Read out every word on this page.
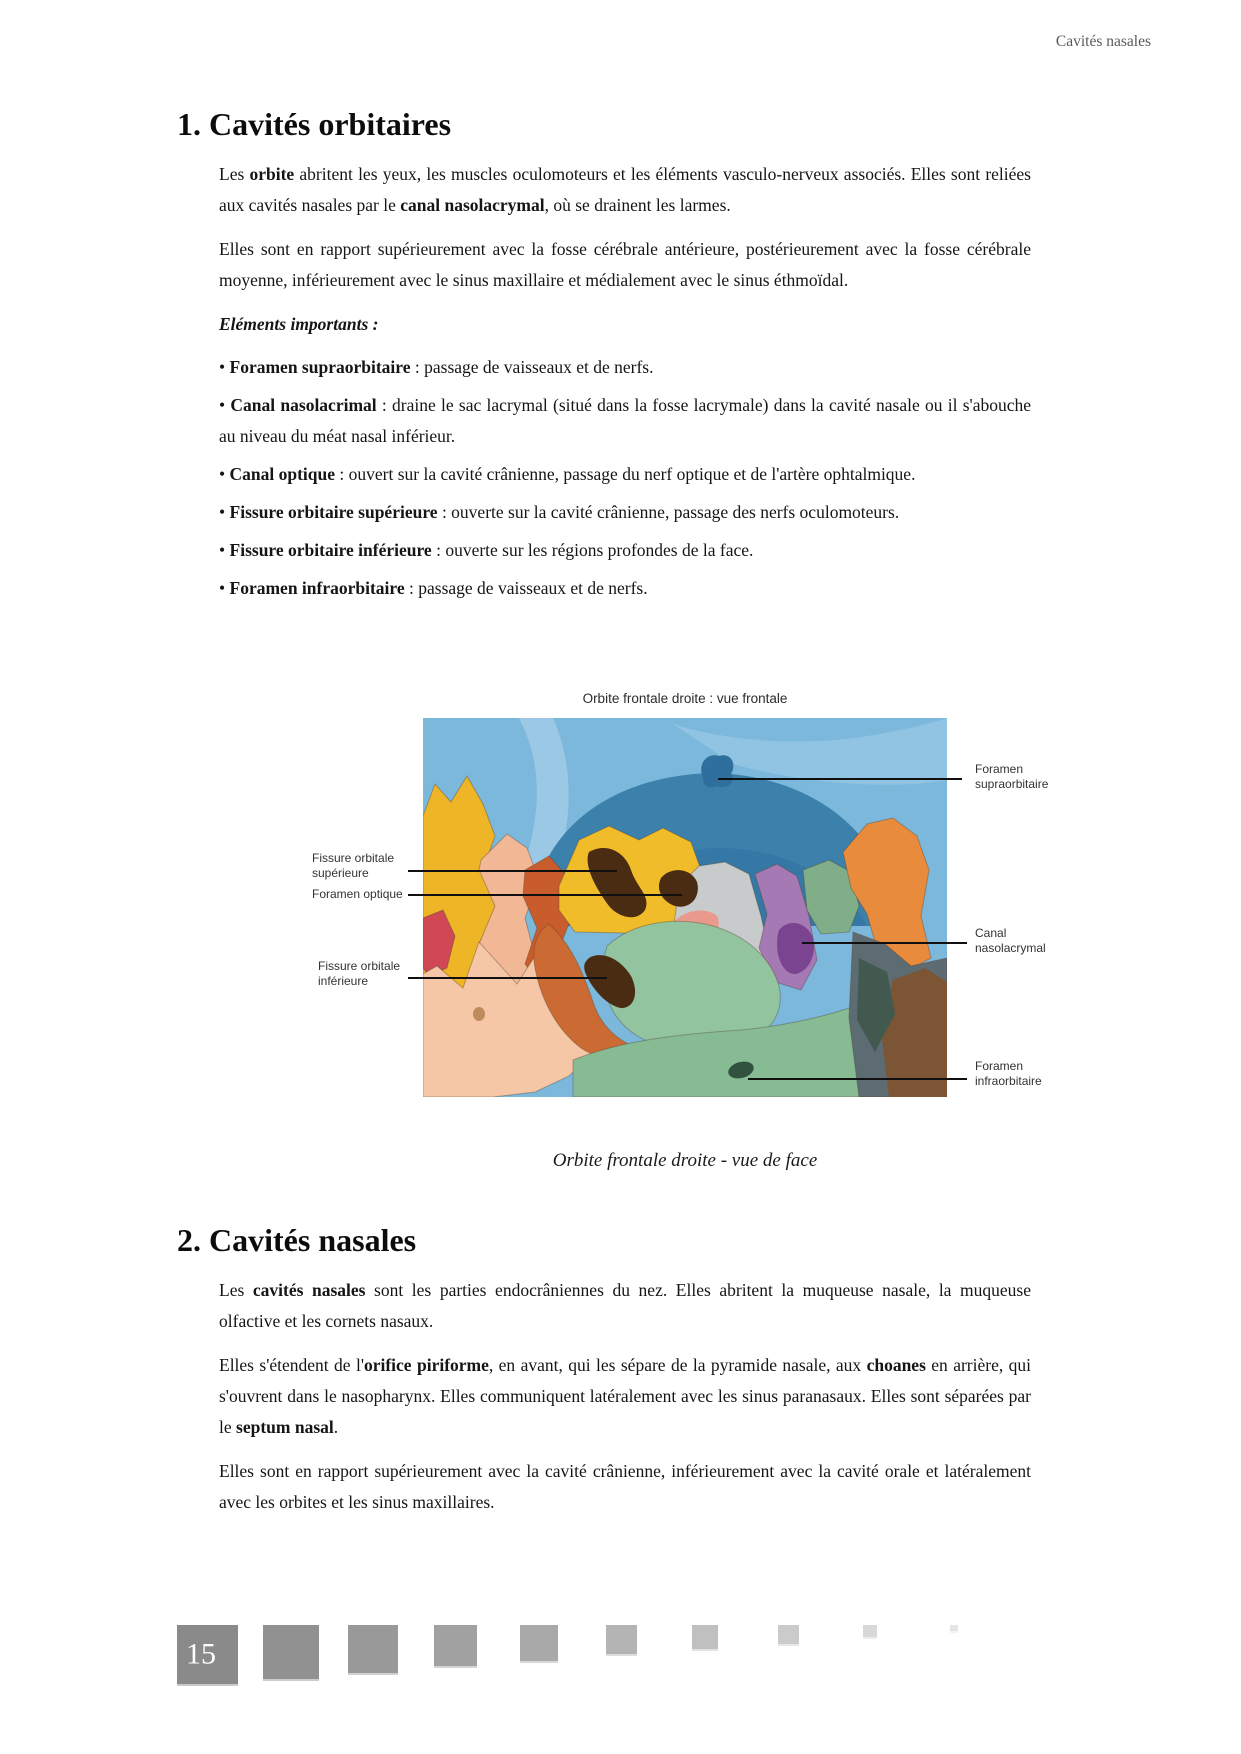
Cavités nasales
1. Cavités orbitaires

Les orbite abritent les yeux, les muscles oculomoteurs et les éléments vasculo-nerveux associés. Elles sont reliées aux cavités nasales par le canal nasolacrymal, où se drainent les larmes.

Elles sont en rapport supérieurement avec la fosse cérébrale antérieure, postérieurement avec la fosse cérébrale moyenne, inférieurement avec le sinus maxillaire et médialement avec le sinus éthmoïdal.

Eléments importants :

• Foramen supraorbitaire : passage de vaisseaux et de nerfs.

• Canal nasolacrimal : draine le sac lacrymal (situé dans la fosse lacrymale) dans la cavité nasale ou il s'abouche au niveau du méat nasal inférieur.

• Canal optique : ouvert sur la cavité crânienne, passage du nerf optique et de l'artère ophtalmique.

• Fissure orbitaire supérieure : ouverte sur la cavité crânienne, passage des nerfs oculomoteurs.

• Fissure orbitaire inférieure : ouverte sur les régions profondes de la face.

• Foramen infraorbitaire : passage de vaisseaux et de nerfs.

Orbite frontale droite : vue frontale
Foramen supraorbitaire
Fissure orbitale supérieure
Foramen optique
Fissure orbitale inférieure
Canal nasolacrymal
Foramen infraorbitaire
Orbite frontale droite - vue de face
2. Cavités nasales

Les cavités nasales sont les parties endocrâniennes du nez. Elles abritent la muqueuse nasale, la muqueuse olfactive et les cornets nasaux.

Elles s'étendent de l'orifice piriforme, en avant, qui les sépare de la pyramide nasale, aux choanes en arrière, qui s'ouvrent dans le nasopharynx. Elles communiquent latéralement avec les sinus paranasaux. Elles sont séparées par le septum nasal.

Elles sont en rapport supérieurement avec la cavité crânienne, inférieurement avec la cavité orale et latéralement avec les orbites et les sinus maxillaires.

15
